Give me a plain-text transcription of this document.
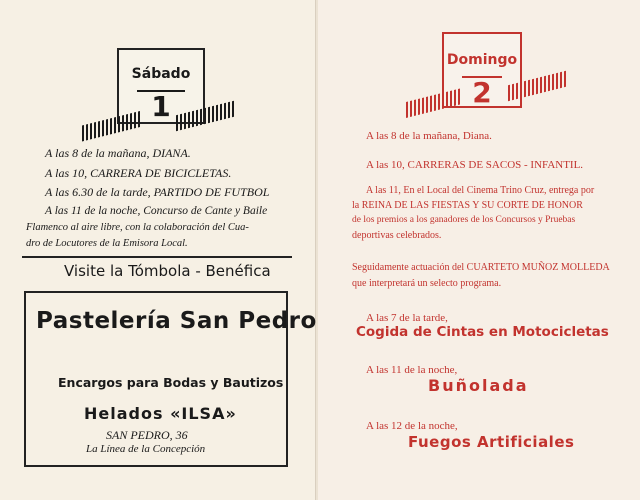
Sábado
1
A las 8 de la mañana, DIANA.
A las 10, CARRERA DE BICICLETAS.
A las 6.30 de la tarde, PARTIDO DE FUTBOL
A las 11 de la noche, Concurso de Cante y Baile
Flamenco al aire libre, con la colaboración del Cua-
dro de Locutores de la Emisora Local.
Visite la Tómbola - Benéfica
Pastelería San Pedro
Encargos para Bodas y Bautizos
Helados «ILSA»
SAN PEDRO, 36
La Línea de la Concepción
Domingo
2
A las 8 de la mañana, Diana.
A las 10, CARRERAS DE SACOS - INFANTIL.
A las 11, En el Local del Cinema Trino Cruz, entrega por
la REINA DE LAS FIESTAS Y SU CORTE DE HONOR
de los premios a los ganadores de los Concursos y Pruebas
deportivas celebrados.
Seguidamente actuación del CUARTETO MUÑOZ MOLLEDA
que interpretará un selecto programa.
A las 7 de la tarde,
Cogida de Cintas en Motocicletas
A las 11 de la noche,
Buñolada
A las 12 de la noche,
Fuegos Artificiales
